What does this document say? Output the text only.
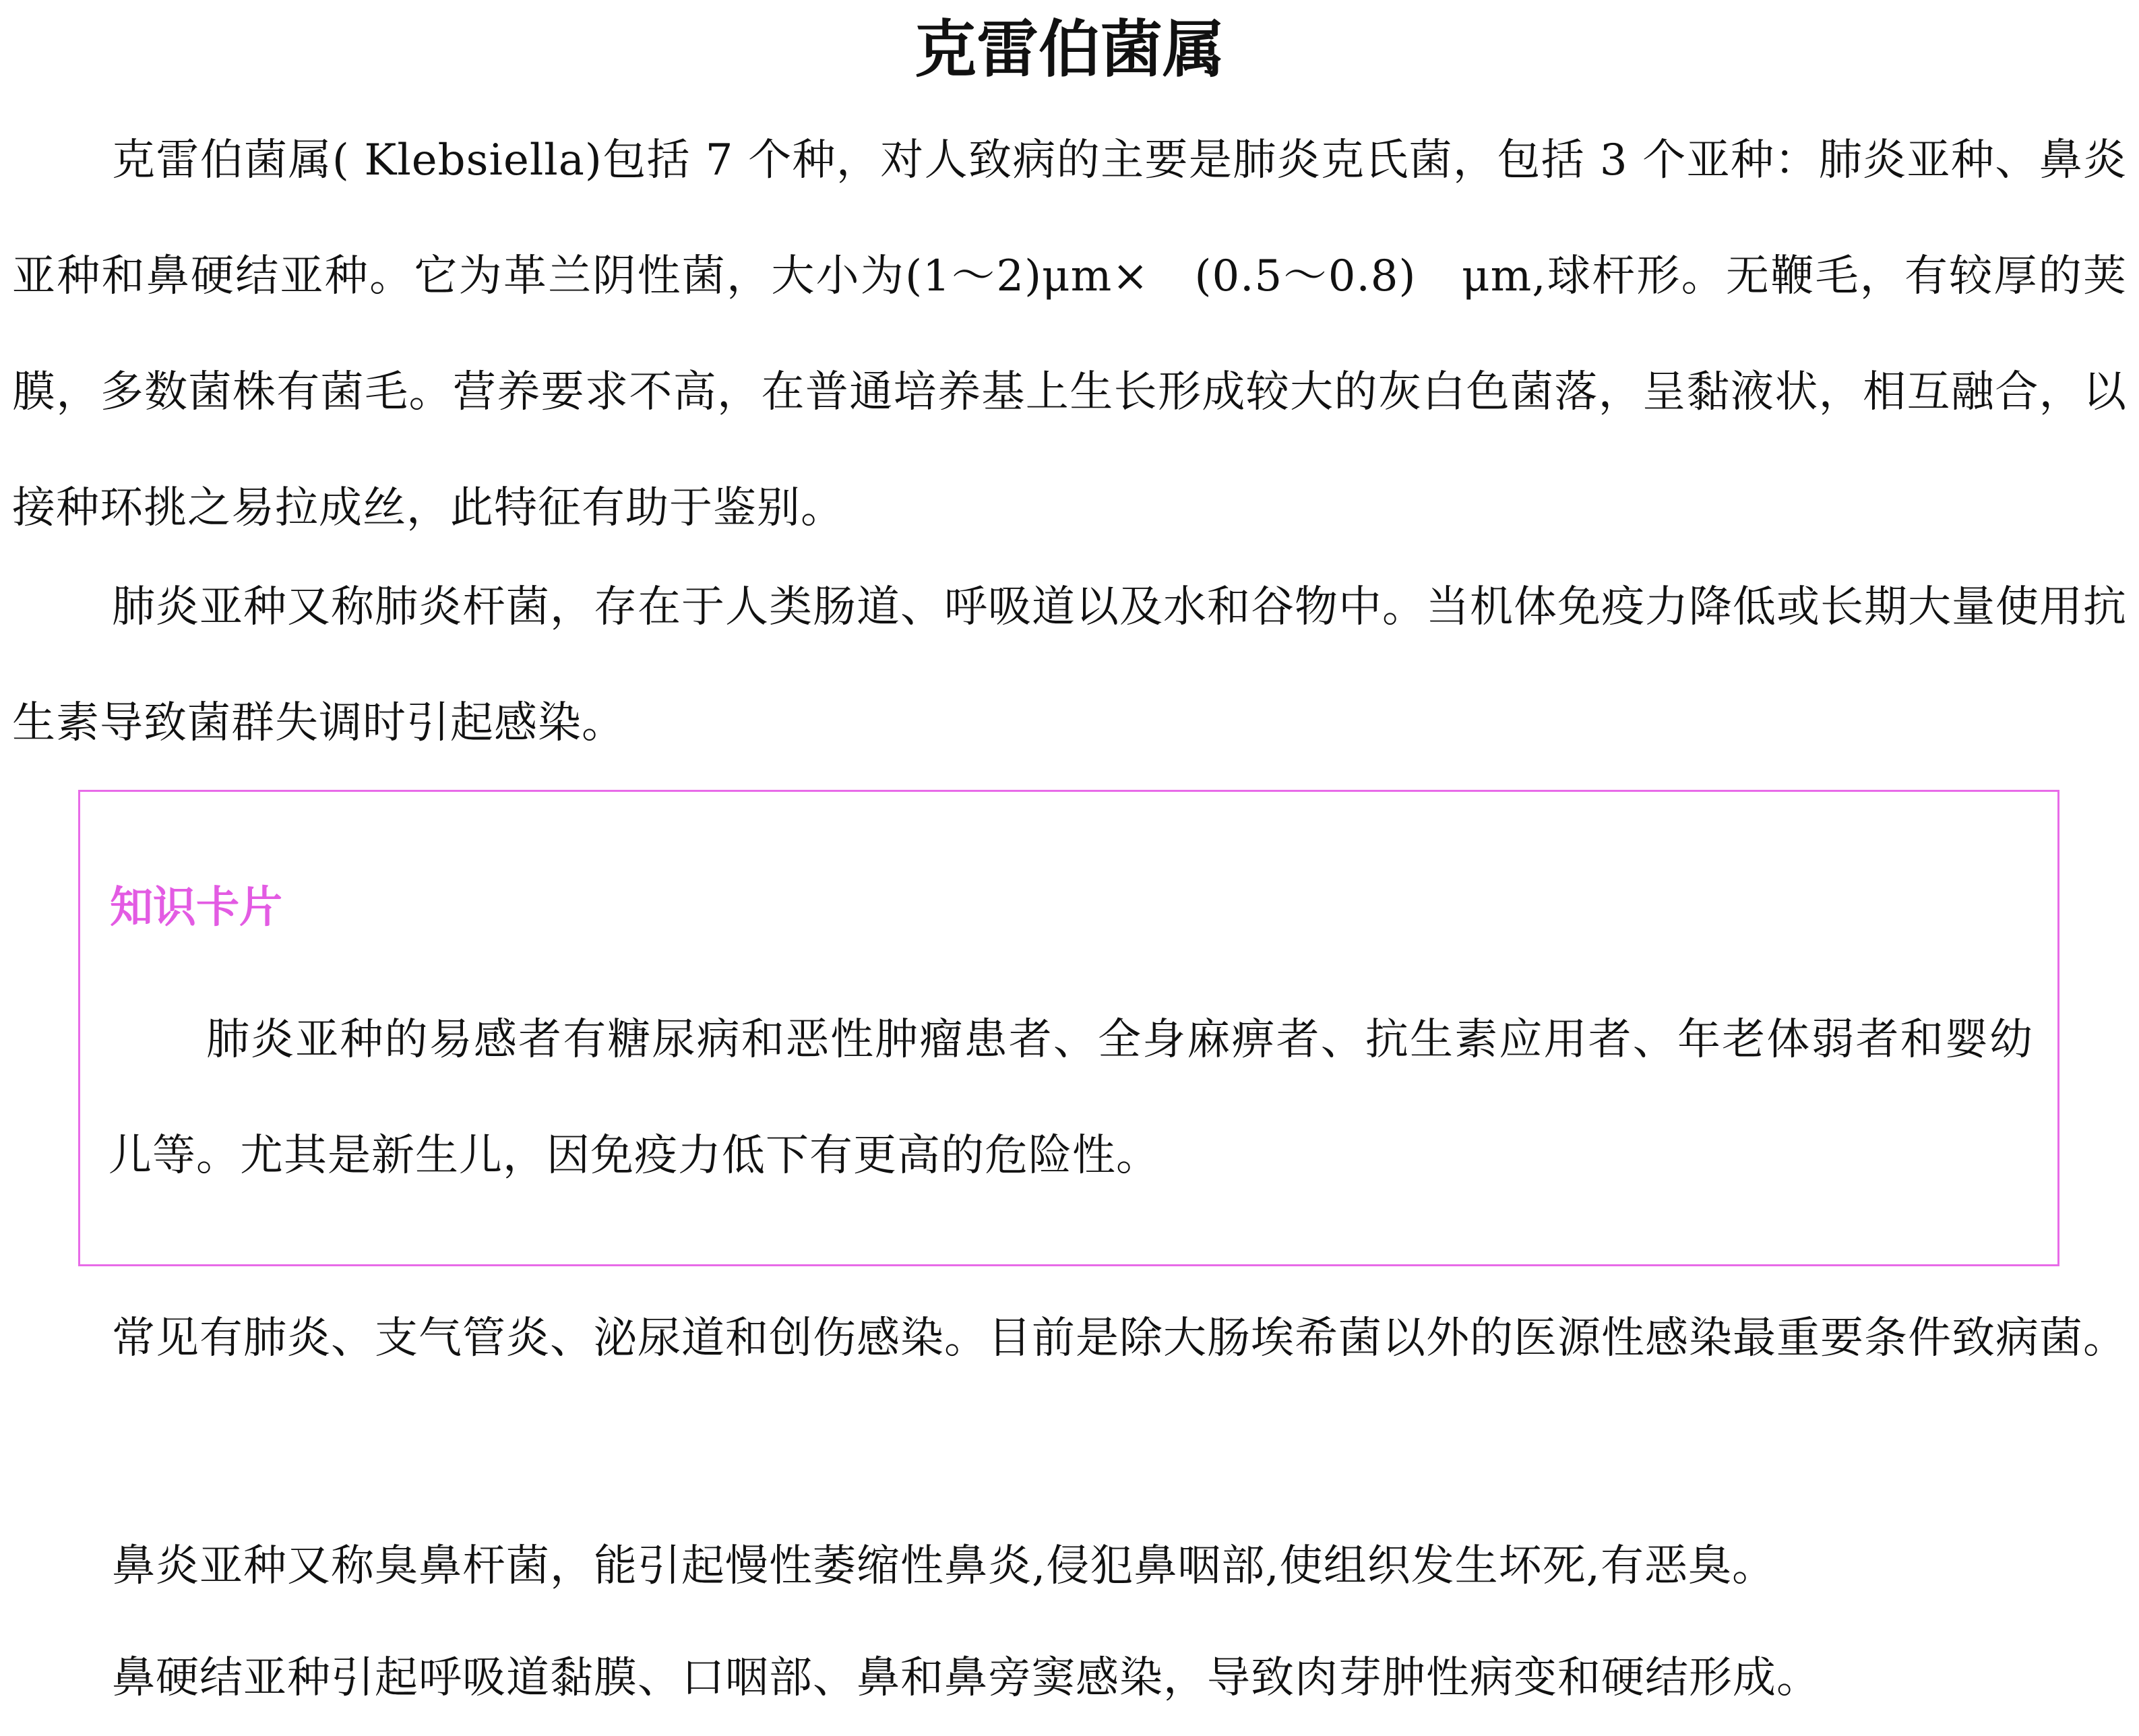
克雷伯菌属

克雷伯菌属( Klebsiella)包括 7 个种，对人致病的主要是肺炎克氏菌，包括 3 个亚种：肺炎亚种、鼻炎亚种和鼻硬结亚种。它为革兰阴性菌，大小为(1～2)μm×　(0.5～0.8)　μm,球杆形。无鞭毛，有较厚的荚膜，多数菌株有菌毛。营养要求不高，在普通培养基上生长形成较大的灰白色菌落，呈黏液状，相互融合，以接种环挑之易拉成丝，此特征有助于鉴别。

肺炎亚种又称肺炎杆菌，存在于人类肠道、呼吸道以及水和谷物中。当机体免疫力降低或长期大量使用抗生素导致菌群失调时引起感染。

知识卡片

肺炎亚种的易感者有糖尿病和恶性肿瘤患者、全身麻痹者、抗生素应用者、年老体弱者和婴幼儿等。尤其是新生儿，因免疫力低下有更高的危险性。

常见有肺炎、支气管炎、泌尿道和创伤感染。目前是除大肠埃希菌以外的医源性感染最重要条件致病菌。

鼻炎亚种又称臭鼻杆菌，能引起慢性萎缩性鼻炎,侵犯鼻咽部,使组织发生坏死,有恶臭。

鼻硬结亚种引起呼吸道黏膜、口咽部、鼻和鼻旁窦感染，导致肉芽肿性病变和硬结形成。
